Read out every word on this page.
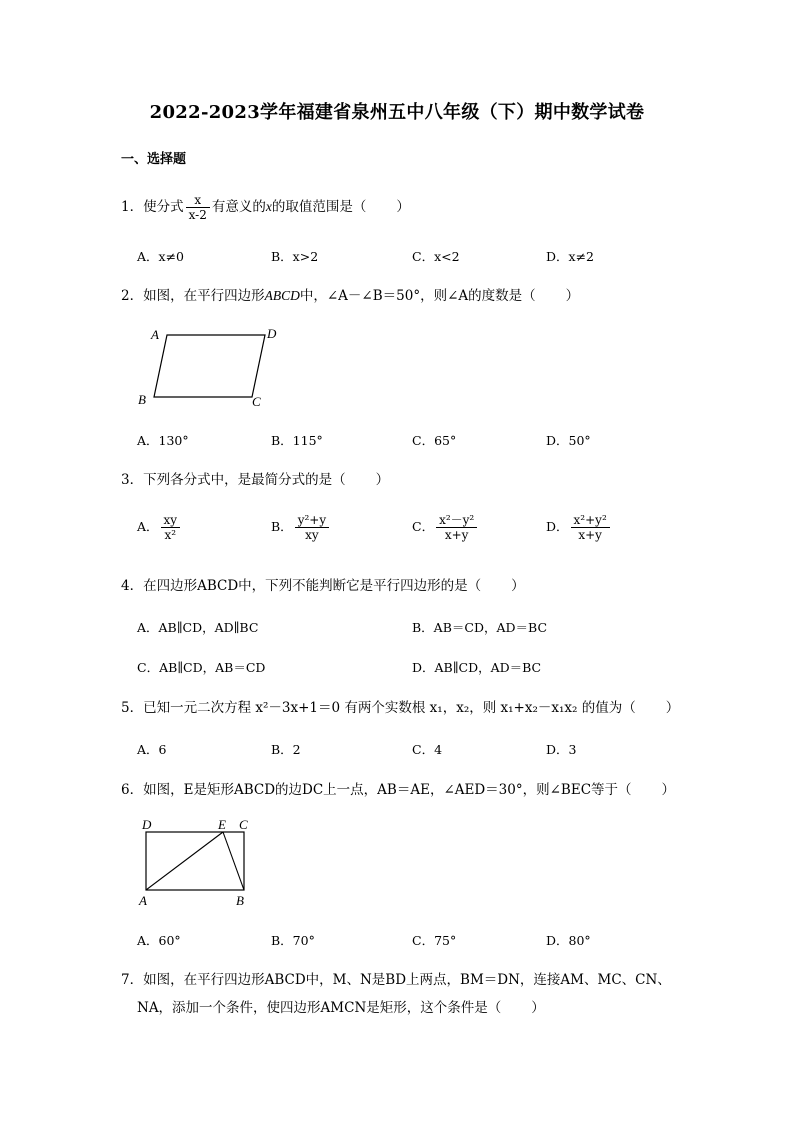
2022-2023学年福建省泉州五中八年级（下）期中数学试卷
一、选择题
1．使分式 $\frac{x}{x-2}$ 有意义的x的取值范围是（ ）
A．x≠0	B．x>2	C．x<2	D．x≠2
2．如图，在平行四边形ABCD中，∠A－∠B＝50°，则∠A的度数是（ ）
A	D
B	C
A．130°	B．115°	C．65°	D．50°
3．下列各分式中，是最简分式的是（ ）
A． $\frac{xy}{\text{x²}}$	B． $\frac{\text{y²+y}}{xy}$	C． $\frac{\text{x²－y²}}{x+y}$	D． $\frac{\text{x²+y²}}{x+y}$
4．在四边形ABCD中，下列不能判断它是平行四边形的是（ ）
A．AB∥CD，AD∥BC	B．AB＝CD，AD＝BC
C．AB∥CD，AB＝CD	D．AB∥CD，AD＝BC
5．已知一元二次方程 x²－3x+1＝0 有两个实数根 x₁，x₂，则 x₁+x₂－x₁x₂ 的值为（ ）
A．6	B．2	C．4	D．3
6．如图，E是矩形ABCD的边DC上一点，AB＝AE，∠AED＝30°，则∠BEC等于（ ）
D	E C
A	B
A．60°	B．70°	C．75°	D．80°
7．如图，在平行四边形ABCD中，M、N是BD上两点，BM＝DN，连接AM、MC、CN、
NA，添加一个条件，使四边形AMCN是矩形，这个条件是（ ）
